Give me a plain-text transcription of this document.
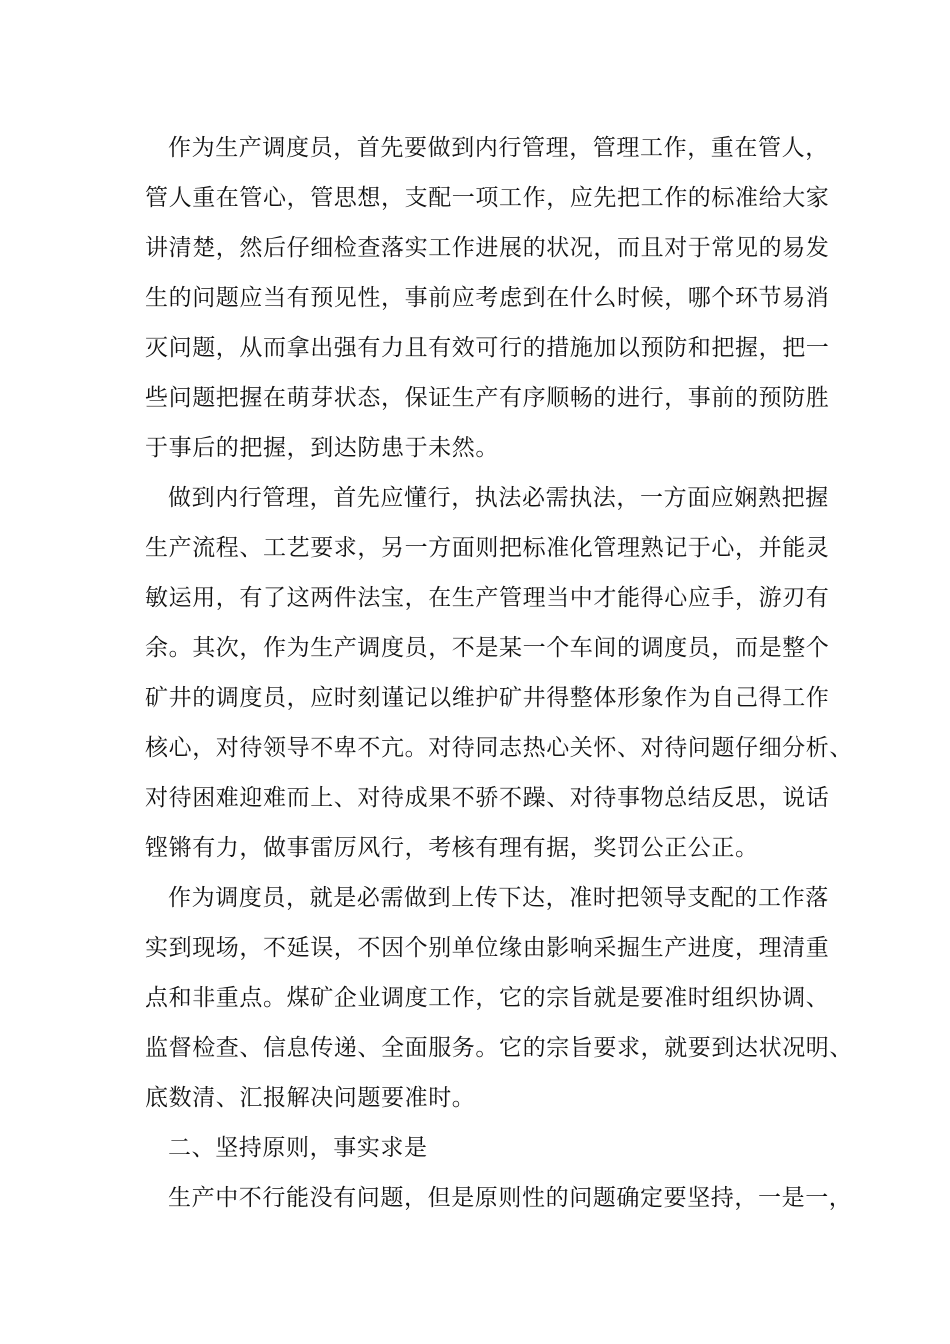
作为生产调度员，首先要做到内行管理，管理工作，重在管人，
管人重在管心，管思想，支配一项工作，应先把工作的标准给大家
讲清楚，然后仔细检查落实工作进展的状况，而且对于常见的易发
生的问题应当有预见性，事前应考虑到在什么时候，哪个环节易消
灭问题，从而拿出强有力且有效可行的措施加以预防和把握，把一
些问题把握在萌芽状态，保证生产有序顺畅的进行，事前的预防胜
于事后的把握，到达防患于未然。
做到内行管理，首先应懂行，执法必需执法，一方面应娴熟把握
生产流程、工艺要求，另一方面则把标准化管理熟记于心，并能灵
敏运用，有了这两件法宝，在生产管理当中才能得心应手，游刃有
余。其次，作为生产调度员，不是某一个车间的调度员，而是整个
矿井的调度员，应时刻谨记以维护矿井得整体形象作为自己得工作
核心，对待领导不卑不亢。对待同志热心关怀、对待问题仔细分析、
对待困难迎难而上、对待成果不骄不躁、对待事物总结反思，说话
铿锵有力，做事雷厉风行，考核有理有据，奖罚公正公正。
作为调度员，就是必需做到上传下达，准时把领导支配的工作落
实到现场，不延误，不因个别单位缘由影响采掘生产进度，理清重
点和非重点。煤矿企业调度工作，它的宗旨就是要准时组织协调、
监督检查、信息传递、全面服务。它的宗旨要求，就要到达状况明、
底数清、汇报解决问题要准时。
二、坚持原则，事实求是
生产中不行能没有问题，但是原则性的问题确定要坚持，一是一，
